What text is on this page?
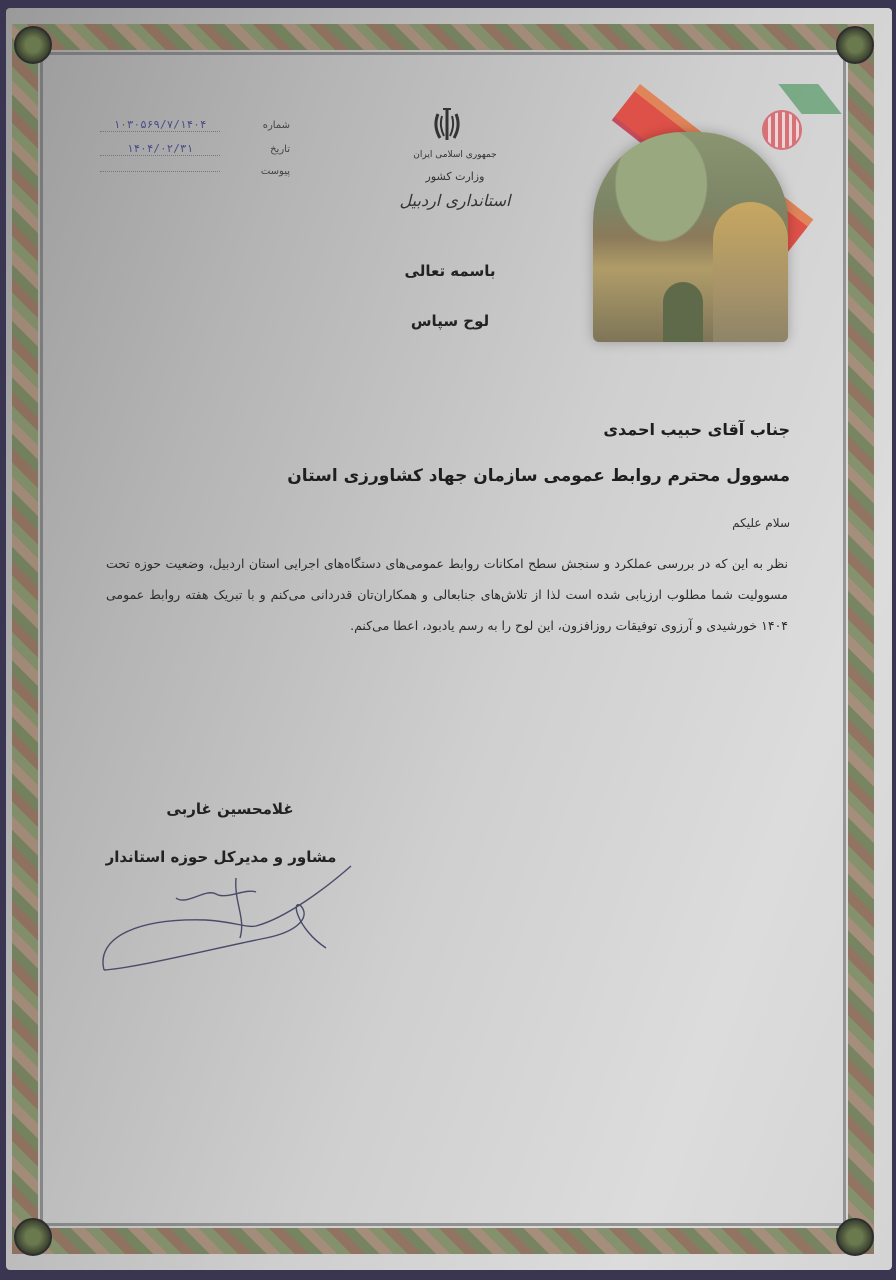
شماره
۱۰۳۰۵۶۹/۷/۱۴۰۴
تاریخ
۱۴۰۴/۰۲/۳۱
پیوست
جمهوری اسلامی ایران
وزارت کشور
استانداری اردبیل
باسمه تعالی
لوح سپاس
جناب آقای حبیب احمدی
مسوول محترم روابط عمومی سازمان جهاد کشاورزی استان
سلام علیکم
نظر به این که در بررسی عملکرد و سنجش سطح امکانات روابط عمومی‌های دستگاه‌های اجرایی استان اردبیل، وضعیت حوزه تحت مسوولیت شما مطلوب ارزیابی شده است لذا از تلاش‌های جنابعالی و همکاران‌تان قدردانی می‌کنم و با تبریک هفته روابط عمومی ۱۴۰۴ خورشیدی و آرزوی توفیقات روزافزون، این لوح را به رسم یادبود، اعطا می‌کنم.
غلامحسین غاربی
مشاور و مدیرکل حوزه استاندار
